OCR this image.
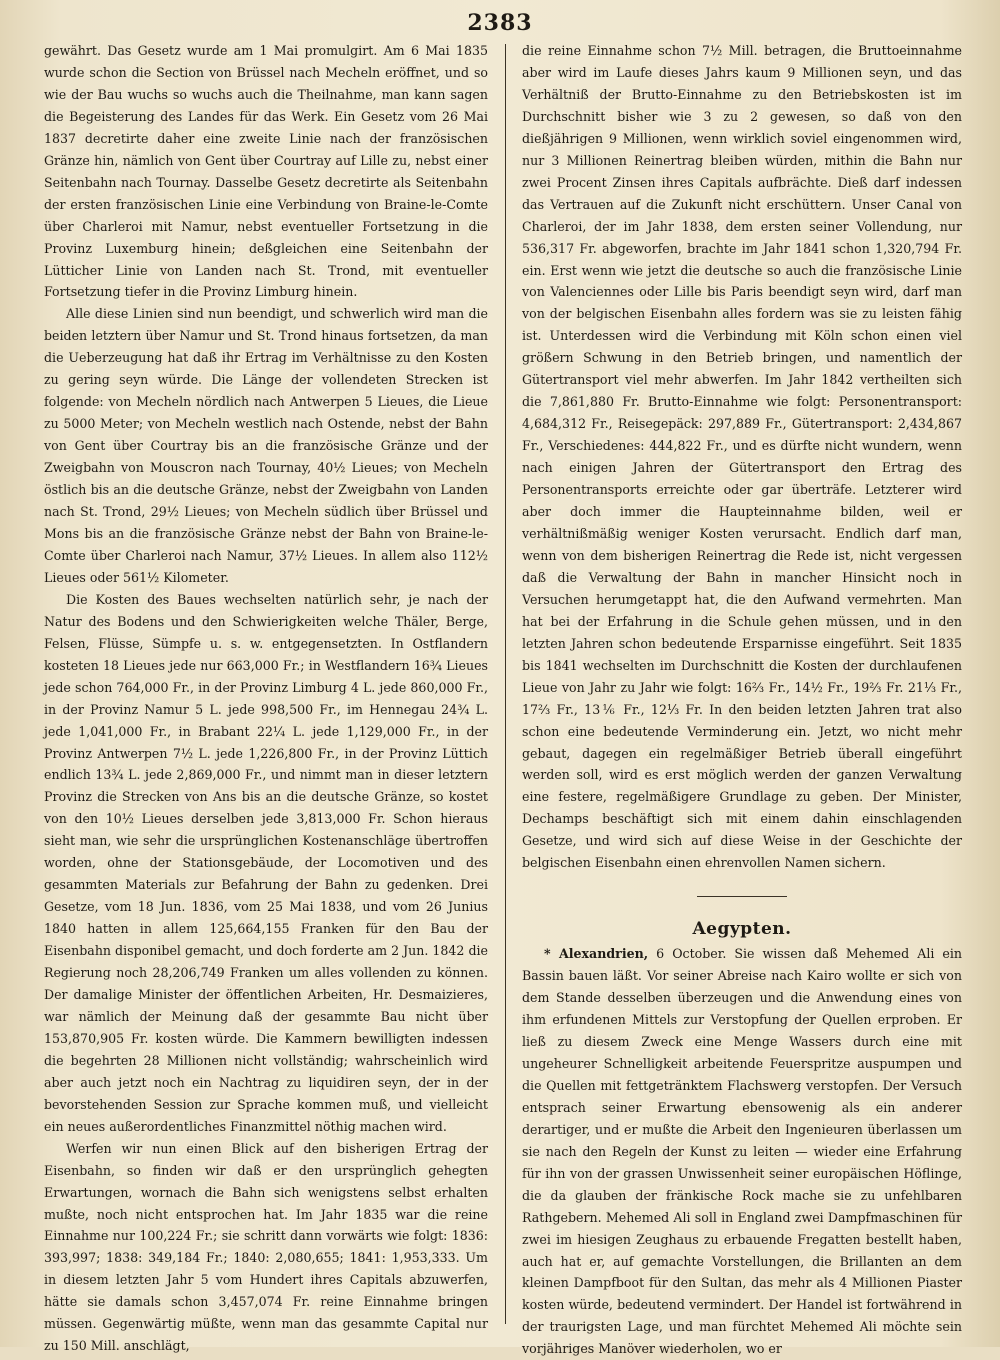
2383

gewährt. Das Gesetz wurde am 1 Mai promulgirt. Am 6 Mai 1835 wurde schon die Section von Brüssel nach Mecheln eröffnet, und so wie der Bau wuchs so wuchs auch die Theilnahme, man kann sagen die Begeisterung des Landes für das Werk. Ein Gesetz vom 26 Mai 1837 decretirte daher eine zweite Linie nach der französischen Gränze hin, nämlich von Gent über Courtray auf Lille zu, nebst einer Seitenbahn nach Tournay. Dasselbe Gesetz decretirte als Seitenbahn der ersten französischen Linie eine Verbindung von Braine-le-Comte über Charleroi mit Namur, nebst eventueller Fortsetzung in die Provinz Luxemburg hinein; deßgleichen eine Seitenbahn der Lütticher Linie von Landen nach St. Trond, mit eventueller Fortsetzung tiefer in die Provinz Limburg hinein.

Alle diese Linien sind nun beendigt, und schwerlich wird man die beiden letztern über Namur und St. Trond hinaus fortsetzen, da man die Ueberzeugung hat daß ihr Ertrag im Verhältnisse zu den Kosten zu gering seyn würde. Die Länge der vollendeten Strecken ist folgende: von Mecheln nördlich nach Antwerpen 5 Lieues, die Lieue zu 5000 Meter; von Mecheln westlich nach Ostende, nebst der Bahn von Gent über Courtray bis an die französische Gränze und der Zweigbahn von Mouscron nach Tournay, 40½ Lieues; von Mecheln östlich bis an die deutsche Gränze, nebst der Zweigbahn von Landen nach St. Trond, 29½ Lieues; von Mecheln südlich über Brüssel und Mons bis an die französische Gränze nebst der Bahn von Braine-le-Comte über Charleroi nach Namur, 37½ Lieues. In allem also 112½ Lieues oder 561½ Kilometer.

Die Kosten des Baues wechselten natürlich sehr, je nach der Natur des Bodens und den Schwierigkeiten welche Thäler, Berge, Felsen, Flüsse, Sümpfe u. s. w. entgegensetzten. In Ostflandern kosteten 18 Lieues jede nur 663,000 Fr.; in Westflandern 16¾ Lieues jede schon 764,000 Fr., in der Provinz Limburg 4 L. jede 860,000 Fr., in der Provinz Namur 5 L. jede 998,500 Fr., im Hennegau 24¾ L. jede 1,041,000 Fr., in Brabant 22¼ L. jede 1,129,000 Fr., in der Provinz Antwerpen 7½ L. jede 1,226,800 Fr., in der Provinz Lüttich endlich 13¾ L. jede 2,869,000 Fr., und nimmt man in dieser letztern Provinz die Strecken von Ans bis an die deutsche Gränze, so kostet von den 10½ Lieues derselben jede 3,813,000 Fr. Schon hieraus sieht man, wie sehr die ursprünglichen Kostenanschläge übertroffen worden, ohne der Stationsgebäude, der Locomotiven und des gesammten Materials zur Befahrung der Bahn zu gedenken. Drei Gesetze, vom 18 Jun. 1836, vom 25 Mai 1838, und vom 26 Junius 1840 hatten in allem 125,664,155 Franken für den Bau der Eisenbahn disponibel gemacht, und doch forderte am 2 Jun. 1842 die Regierung noch 28,206,749 Franken um alles vollenden zu können. Der damalige Minister der öffentlichen Arbeiten, Hr. Desmaizieres, war nämlich der Meinung daß der gesammte Bau nicht über 153,870,905 Fr. kosten würde. Die Kammern bewilligten indessen die begehrten 28 Millionen nicht vollständig; wahrscheinlich wird aber auch jetzt noch ein Nachtrag zu liquidiren seyn, der in der bevorstehenden Session zur Sprache kommen muß, und vielleicht ein neues außerordentliches Finanzmittel nöthig machen wird.

Werfen wir nun einen Blick auf den bisherigen Ertrag der Eisenbahn, so finden wir daß er den ursprünglich gehegten Erwartungen, wornach die Bahn sich wenigstens selbst erhalten mußte, noch nicht entsprochen hat. Im Jahr 1835 war die reine Einnahme nur 100,224 Fr.; sie schritt dann vorwärts wie folgt: 1836: 393,997; 1838: 349,184 Fr.; 1840: 2,080,655; 1841: 1,953,333. Um in diesem letzten Jahr 5 vom Hundert ihres Capitals abzuwerfen, hätte sie damals schon 3,457,074 Fr. reine Einnahme bringen müssen. Gegenwärtig müßte, wenn man das gesammte Capital nur zu 150 Mill. anschlägt,

die reine Einnahme schon 7½ Mill. betragen, die Bruttoeinnahme aber wird im Laufe dieses Jahrs kaum 9 Millionen seyn, und das Verhältniß der Brutto-Einnahme zu den Betriebskosten ist im Durchschnitt bisher wie 3 zu 2 gewesen, so daß von den dießjährigen 9 Millionen, wenn wirklich soviel eingenommen wird, nur 3 Millionen Reinertrag bleiben würden, mithin die Bahn nur zwei Procent Zinsen ihres Capitals aufbrächte. Dieß darf indessen das Vertrauen auf die Zukunft nicht erschüttern. Unser Canal von Charleroi, der im Jahr 1838, dem ersten seiner Vollendung, nur 536,317 Fr. abgeworfen, brachte im Jahr 1841 schon 1,320,794 Fr. ein. Erst wenn wie jetzt die deutsche so auch die französische Linie von Valenciennes oder Lille bis Paris beendigt seyn wird, darf man von der belgischen Eisenbahn alles fordern was sie zu leisten fähig ist. Unterdessen wird die Verbindung mit Köln schon einen viel größern Schwung in den Betrieb bringen, und namentlich der Gütertransport viel mehr abwerfen. Im Jahr 1842 vertheilten sich die 7,861,880 Fr. Brutto-Einnahme wie folgt: Personentransport: 4,684,312 Fr., Reisegepäck: 297,889 Fr., Gütertransport: 2,434,867 Fr., Verschiedenes: 444,822 Fr., und es dürfte nicht wundern, wenn nach einigen Jahren der Gütertransport den Ertrag des Personentransports erreichte oder gar überträfe. Letzterer wird aber doch immer die Haupteinnahme bilden, weil er verhältnißmäßig weniger Kosten verursacht. Endlich darf man, wenn von dem bisherigen Reinertrag die Rede ist, nicht vergessen daß die Verwaltung der Bahn in mancher Hinsicht noch in Versuchen herumgetappt hat, die den Aufwand vermehrten. Man hat bei der Erfahrung in die Schule gehen müssen, und in den letzten Jahren schon bedeutende Ersparnisse eingeführt. Seit 1835 bis 1841 wechselten im Durchschnitt die Kosten der durchlaufenen Lieue von Jahr zu Jahr wie folgt: 16⅔ Fr., 14½ Fr., 19⅔ Fr. 21⅓ Fr., 17⅔ Fr., 13⅙ Fr., 12⅓ Fr. In den beiden letzten Jahren trat also schon eine bedeutende Verminderung ein. Jetzt, wo nicht mehr gebaut, dagegen ein regelmäßiger Betrieb überall eingeführt werden soll, wird es erst möglich werden der ganzen Verwaltung eine festere, regelmäßigere Grundlage zu geben. Der Minister, Dechamps beschäftigt sich mit einem dahin einschlagenden Gesetze, und wird sich auf diese Weise in der Geschichte der belgischen Eisenbahn einen ehrenvollen Namen sichern.

Aegypten.

* Alexandrien, 6 October. Sie wissen daß Mehemed Ali ein Bassin bauen läßt. Vor seiner Abreise nach Kairo wollte er sich von dem Stande desselben überzeugen und die Anwendung eines von ihm erfundenen Mittels zur Verstopfung der Quellen erproben. Er ließ zu diesem Zweck eine Menge Wassers durch eine mit ungeheurer Schnelligkeit arbeitende Feuerspritze auspumpen und die Quellen mit fettgetränktem Flachswerg verstopfen. Der Versuch entsprach seiner Erwartung ebensowenig als ein anderer derartiger, und er mußte die Arbeit den Ingenieuren überlassen um sie nach den Regeln der Kunst zu leiten — wieder eine Erfahrung für ihn von der grassen Unwissenheit seiner europäischen Höflinge, die da glauben der fränkische Rock mache sie zu unfehlbaren Rathgebern. Mehemed Ali soll in England zwei Dampfmaschinen für zwei im hiesigen Zeughaus zu erbauende Fregatten bestellt haben, auch hat er, auf gemachte Vorstellungen, die Brillanten an dem kleinen Dampfboot für den Sultan, das mehr als 4 Millionen Piaster kosten würde, bedeutend vermindert. Der Handel ist fortwährend in der traurigsten Lage, und man fürchtet Mehemed Ali möchte sein vorjähriges Manöver wiederholen, wo er
